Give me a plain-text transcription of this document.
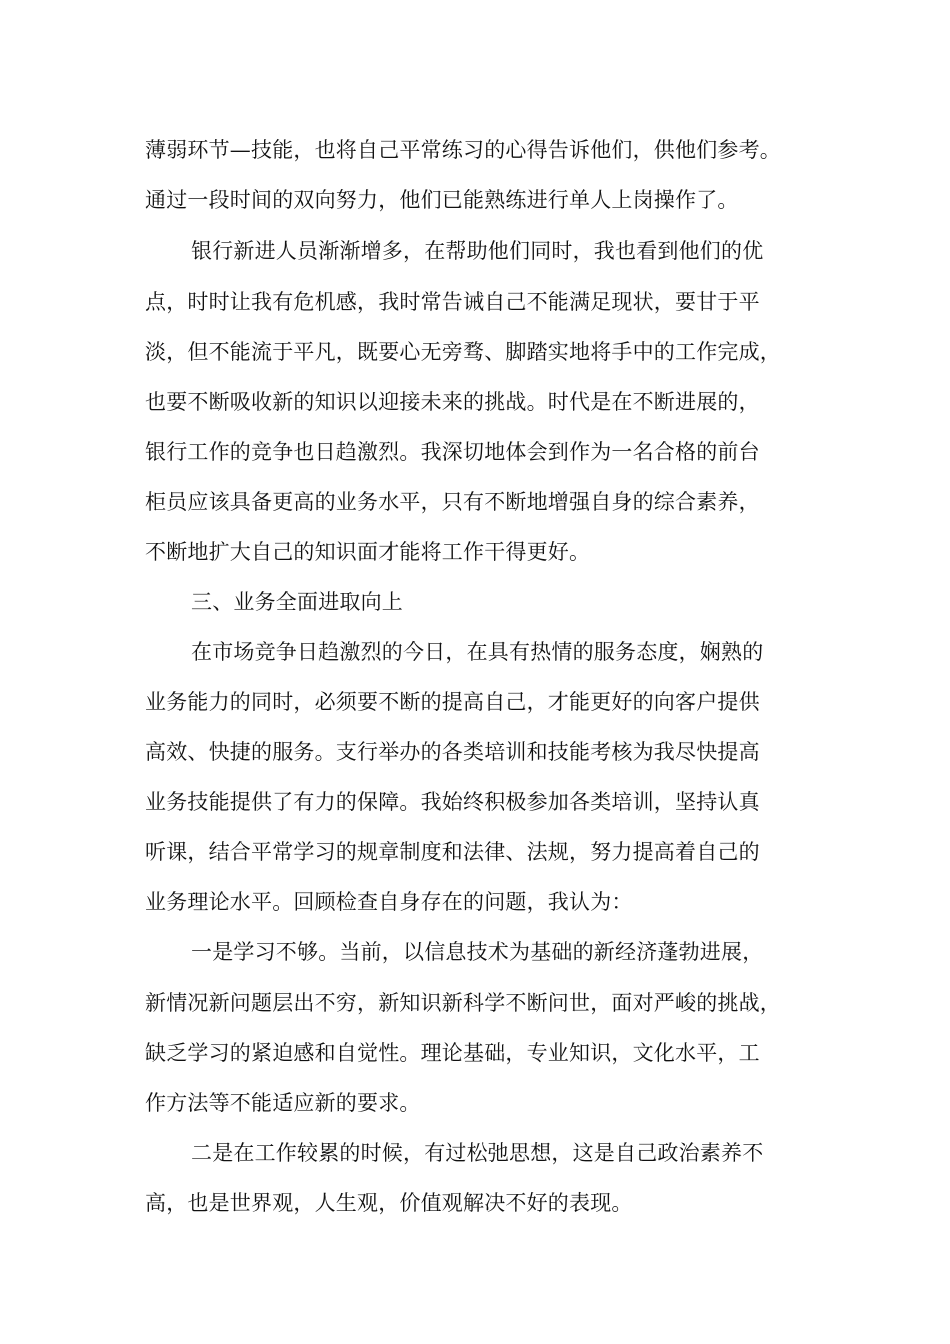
薄弱环节—技能，也将自己平常练习的心得告诉他们，供他们参考。
通过一段时间的双向努力，他们已能熟练进行单人上岗操作了。
银行新进人员渐渐增多，在帮助他们同时，我也看到他们的优
点，时时让我有危机感，我时常告诫自己不能满足现状，要甘于平
淡，但不能流于平凡，既要心无旁骛、脚踏实地将手中的工作完成，
也要不断吸收新的知识以迎接未来的挑战。时代是在不断进展的，
银行工作的竞争也日趋激烈。我深切地体会到作为一名合格的前台
柜员应该具备更高的业务水平，只有不断地增强自身的综合素养，
不断地扩大自己的知识面才能将工作干得更好。
三、业务全面进取向上
在市场竞争日趋激烈的今日，在具有热情的服务态度，娴熟的
业务能力的同时，必须要不断的提高自己，才能更好的向客户提供
高效、快捷的服务。支行举办的各类培训和技能考核为我尽快提高
业务技能提供了有力的保障。我始终积极参加各类培训，坚持认真
听课，结合平常学习的规章制度和法律、法规，努力提高着自己的
业务理论水平。回顾检查自身存在的问题，我认为：
一是学习不够。当前，以信息技术为基础的新经济蓬勃进展，
新情况新问题层出不穷，新知识新科学不断问世，面对严峻的挑战，
缺乏学习的紧迫感和自觉性。理论基础，专业知识，文化水平，工
作方法等不能适应新的要求。
二是在工作较累的时候，有过松弛思想，这是自己政治素养不
高，也是世界观，人生观，价值观解决不好的表现。
